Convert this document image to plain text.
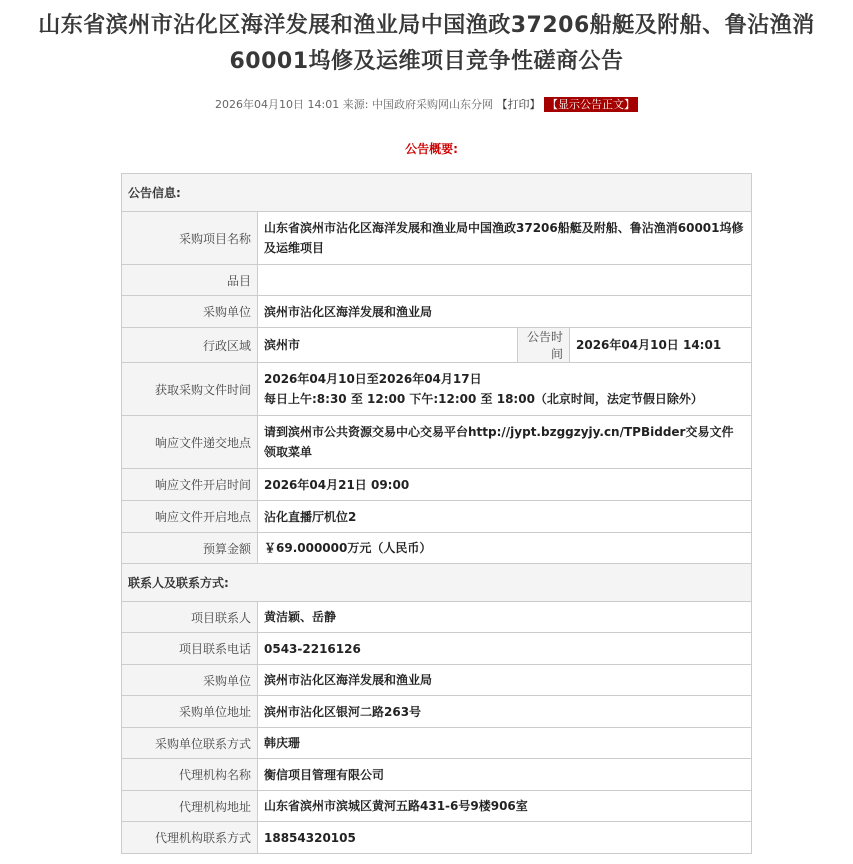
山东省滨州市沾化区海洋发展和渔业局中国渔政37206船艇及附船、鲁沾渔消
60001坞修及运维项目竞争性磋商公告
2026年04月10日 14:01 来源: 中国政府采购网山东分网 【打印】 【显示公告正文】
公告概要:
公告信息:			
采购项目名称	山东省滨州市沾化区海洋发展和渔业局中国渔政37206船艇及附船、鲁沾渔消60001坞修及运维项目		
品目			
采购单位	滨州市沾化区海洋发展和渔业局		
行政区域	滨州市	公告时间	2026年04月10日 14:01
获取采购文件时间	2026年04月10日至2026年04月17日
每日上午:8:30 至 12:00 下午:12:00 至 18:00（北京时间，法定节假日除外）		

响应文件递交地点	请到滨州市公共资源交易中心交易平台http://jypt.bzggzyjy.cn/TPBidder交易文件领取菜单		
响应文件开启时间	2026年04月21日 09:00		
响应文件开启地点	沾化直播厅机位2		
预算金额	￥69.000000万元（人民币）		
联系人及联系方式:			
项目联系人	黄洁颖、岳静		
项目联系电话	0543-2216126		
采购单位	滨州市沾化区海洋发展和渔业局		
采购单位地址	滨州市沾化区银河二路263号		
采购单位联系方式	韩庆珊		
代理机构名称	衡信项目管理有限公司		
代理机构地址	山东省滨州市滨城区黄河五路431-6号9楼906室		
代理机构联系方式	18854320105		
